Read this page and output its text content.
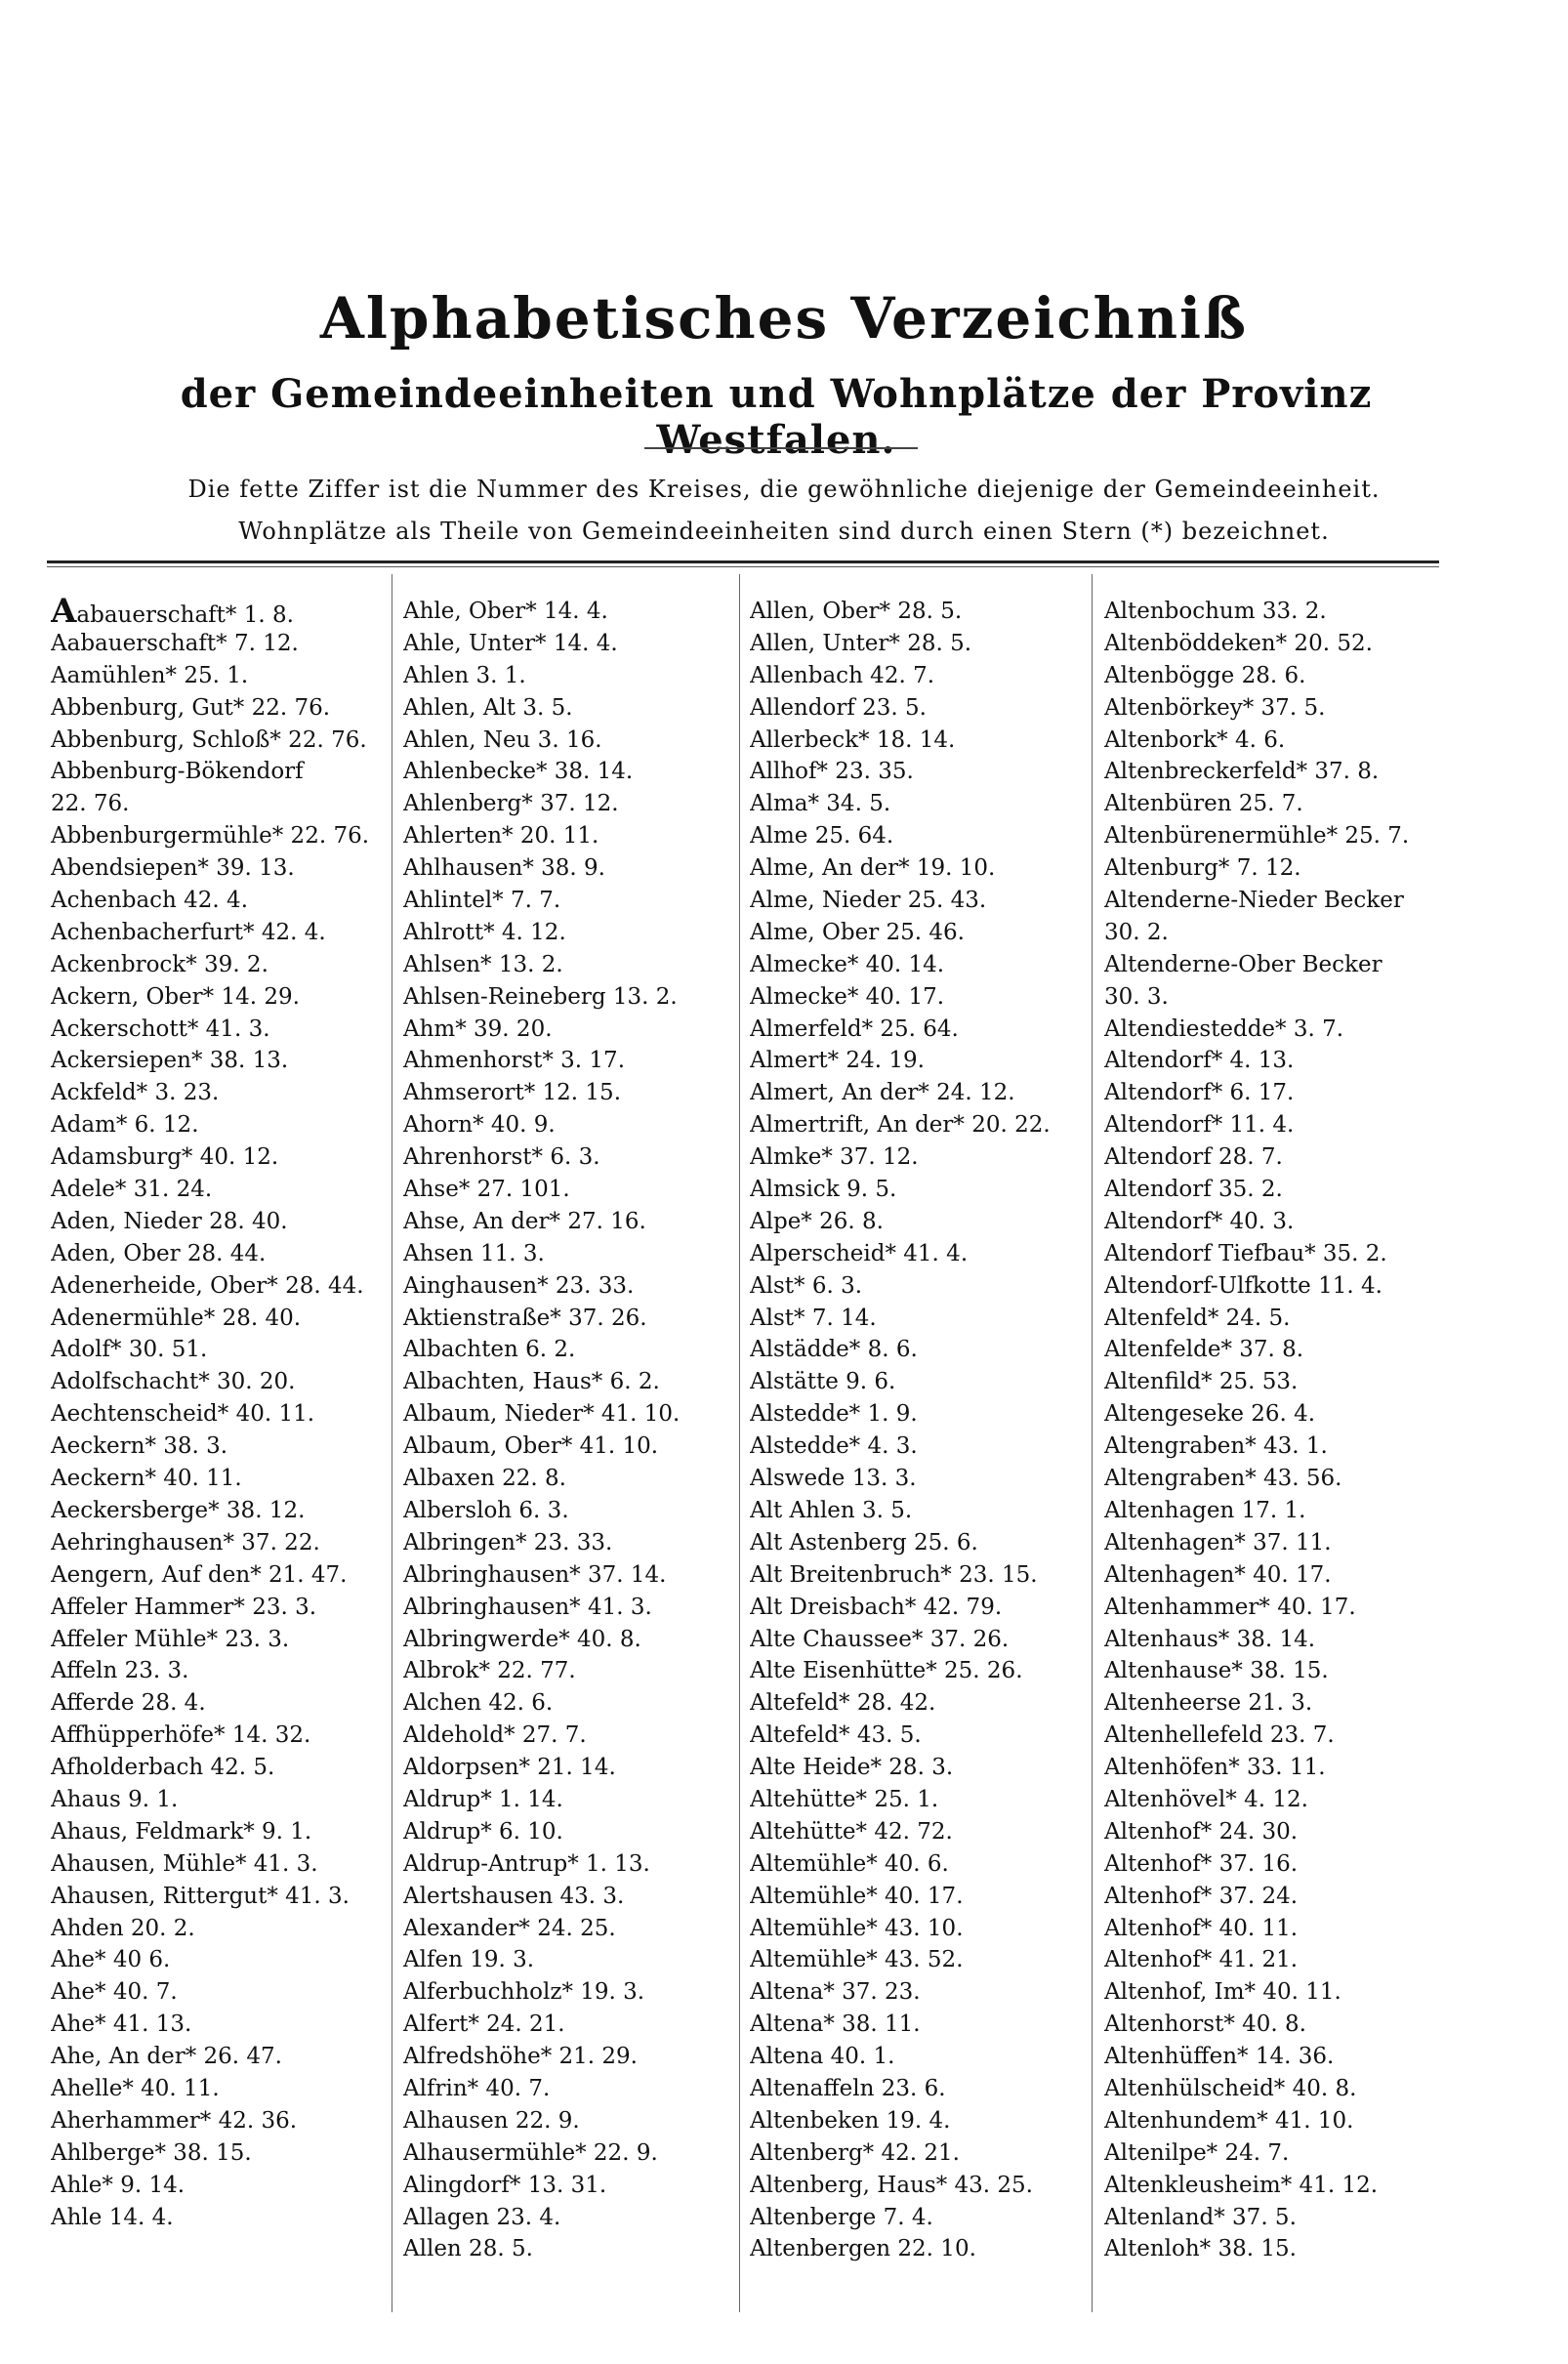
Alphabetisches Verzeichniß
der Gemeindeeinheiten und Wohnplätze der Provinz Westfalen.
Die fette Ziffer ist die Nummer des Kreises, die gewöhnliche diejenige der Gemeindeeinheit.
Wohnplätze als Theile von Gemeindeeinheiten sind durch einen Stern (*) bezeichnet.
Aabauerschaft* 1. 8.
Aabauerschaft* 7. 12.
Aamühlen* 25. 1.
Abbenburg, Gut* 22. 76.
Abbenburg, Schloß* 22. 76.
Abbenburg-Bökendorf
22. 76.
Abbenburgermühle* 22. 76.
Abendsiepen* 39. 13.
Achenbach 42. 4.
Achenbacherfurt* 42. 4.
Ackenbrock* 39. 2.
Ackern, Ober* 14. 29.
Ackerschott* 41. 3.
Ackersiepen* 38. 13.
Ackfeld* 3. 23.
Adam* 6. 12.
Adamsburg* 40. 12.
Adele* 31. 24.
Aden, Nieder 28. 40.
Aden, Ober 28. 44.
Adenerheide, Ober* 28. 44.
Adenermühle* 28. 40.
Adolf* 30. 51.
Adolfschacht* 30. 20.
Aechtenscheid* 40. 11.
Aeckern* 38. 3.
Aeckern* 40. 11.
Aeckersberge* 38. 12.
Aehringhausen* 37. 22.
Aengern, Auf den* 21. 47.
Affeler Hammer* 23. 3.
Affeler Mühle* 23. 3.
Affeln 23. 3.
Afferde 28. 4.
Affhüpperhöfe* 14. 32.
Afholderbach 42. 5.
Ahaus 9. 1.
Ahaus, Feldmark* 9. 1.
Ahausen, Mühle* 41. 3.
Ahausen, Rittergut* 41. 3.
Ahden 20. 2.
Ahe* 40 6.
Ahe* 40. 7.
Ahe* 41. 13.
Ahe, An der* 26. 47.
Ahelle* 40. 11.
Aherhammer* 42. 36.
Ahlberge* 38. 15.
Ahle* 9. 14.
Ahle 14. 4.
Ahle, Ober* 14. 4.
Ahle, Unter* 14. 4.
Ahlen 3. 1.
Ahlen, Alt 3. 5.
Ahlen, Neu 3. 16.
Ahlenbecke* 38. 14.
Ahlenberg* 37. 12.
Ahlerten* 20. 11.
Ahlhausen* 38. 9.
Ahlintel* 7. 7.
Ahlrott* 4. 12.
Ahlsen* 13. 2.
Ahlsen-Reineberg 13. 2.
Ahm* 39. 20.
Ahmenhorst* 3. 17.
Ahmserort* 12. 15.
Ahorn* 40. 9.
Ahrenhorst* 6. 3.
Ahse* 27. 101.
Ahse, An der* 27. 16.
Ahsen 11. 3.
Ainghausen* 23. 33.
Aktienstraße* 37. 26.
Albachten 6. 2.
Albachten, Haus* 6. 2.
Albaum, Nieder* 41. 10.
Albaum, Ober* 41. 10.
Albaxen 22. 8.
Albersloh 6. 3.
Albringen* 23. 33.
Albringhausen* 37. 14.
Albringhausen* 41. 3.
Albringwerde* 40. 8.
Albrok* 22. 77.
Alchen 42. 6.
Aldehold* 27. 7.
Aldorpsen* 21. 14.
Aldrup* 1. 14.
Aldrup* 6. 10.
Aldrup-Antrup* 1. 13.
Alertshausen 43. 3.
Alexander* 24. 25.
Alfen 19. 3.
Alferbuchholz* 19. 3.
Alfert* 24. 21.
Alfredshöhe* 21. 29.
Alfrin* 40. 7.
Alhausen 22. 9.
Alhausermühle* 22. 9.
Alingdorf* 13. 31.
Allagen 23. 4.
Allen 28. 5.
Allen, Ober* 28. 5.
Allen, Unter* 28. 5.
Allenbach 42. 7.
Allendorf 23. 5.
Allerbeck* 18. 14.
Allhof* 23. 35.
Alma* 34. 5.
Alme 25. 64.
Alme, An der* 19. 10.
Alme, Nieder 25. 43.
Alme, Ober 25. 46.
Almecke* 40. 14.
Almecke* 40. 17.
Almerfeld* 25. 64.
Almert* 24. 19.
Almert, An der* 24. 12.
Almertrift, An der* 20. 22.
Almke* 37. 12.
Almsick 9. 5.
Alpe* 26. 8.
Alperscheid* 41. 4.
Alst* 6. 3.
Alst* 7. 14.
Alstädde* 8. 6.
Alstätte 9. 6.
Alstedde* 1. 9.
Alstedde* 4. 3.
Alswede 13. 3.
Alt Ahlen 3. 5.
Alt Astenberg 25. 6.
Alt Breitenbruch* 23. 15.
Alt Dreisbach* 42. 79.
Alte Chaussee* 37. 26.
Alte Eisenhütte* 25. 26.
Altefeld* 28. 42.
Altefeld* 43. 5.
Alte Heide* 28. 3.
Altehütte* 25. 1.
Altehütte* 42. 72.
Altemühle* 40. 6.
Altemühle* 40. 17.
Altemühle* 43. 10.
Altemühle* 43. 52.
Altena* 37. 23.
Altena* 38. 11.
Altena 40. 1.
Altenaffeln 23. 6.
Altenbeken 19. 4.
Altenberg* 42. 21.
Altenberg, Haus* 43. 25.
Altenberge 7. 4.
Altenbergen 22. 10.
Altenbochum 33. 2.
Altenböddeken* 20. 52.
Altenbögge 28. 6.
Altenbörkey* 37. 5.
Altenbork* 4. 6.
Altenbreckerfeld* 37. 8.
Altenbüren 25. 7.
Altenbürenermühle* 25. 7.
Altenburg* 7. 12.
Altenderne-Nieder Becker
30. 2.
Altenderne-Ober Becker
30. 3.
Altendiestedde* 3. 7.
Altendorf* 4. 13.
Altendorf* 6. 17.
Altendorf* 11. 4.
Altendorf 28. 7.
Altendorf 35. 2.
Altendorf* 40. 3.
Altendorf Tiefbau* 35. 2.
Altendorf-Ulfkotte 11. 4.
Altenfeld* 24. 5.
Altenfelde* 37. 8.
Altenfild* 25. 53.
Altengeseke 26. 4.
Altengraben* 43. 1.
Altengraben* 43. 56.
Altenhagen 17. 1.
Altenhagen* 37. 11.
Altenhagen* 40. 17.
Altenhammer* 40. 17.
Altenhaus* 38. 14.
Altenhause* 38. 15.
Altenheerse 21. 3.
Altenhellefeld 23. 7.
Altenhöfen* 33. 11.
Altenhövel* 4. 12.
Altenhof* 24. 30.
Altenhof* 37. 16.
Altenhof* 37. 24.
Altenhof* 40. 11.
Altenhof* 41. 21.
Altenhof, Im* 40. 11.
Altenhorst* 40. 8.
Altenhüffen* 14. 36.
Altenhülscheid* 40. 8.
Altenhundem* 41. 10.
Altenilpe* 24. 7.
Altenkleusheim* 41. 12.
Altenland* 37. 5.
Altenloh* 38. 15.
